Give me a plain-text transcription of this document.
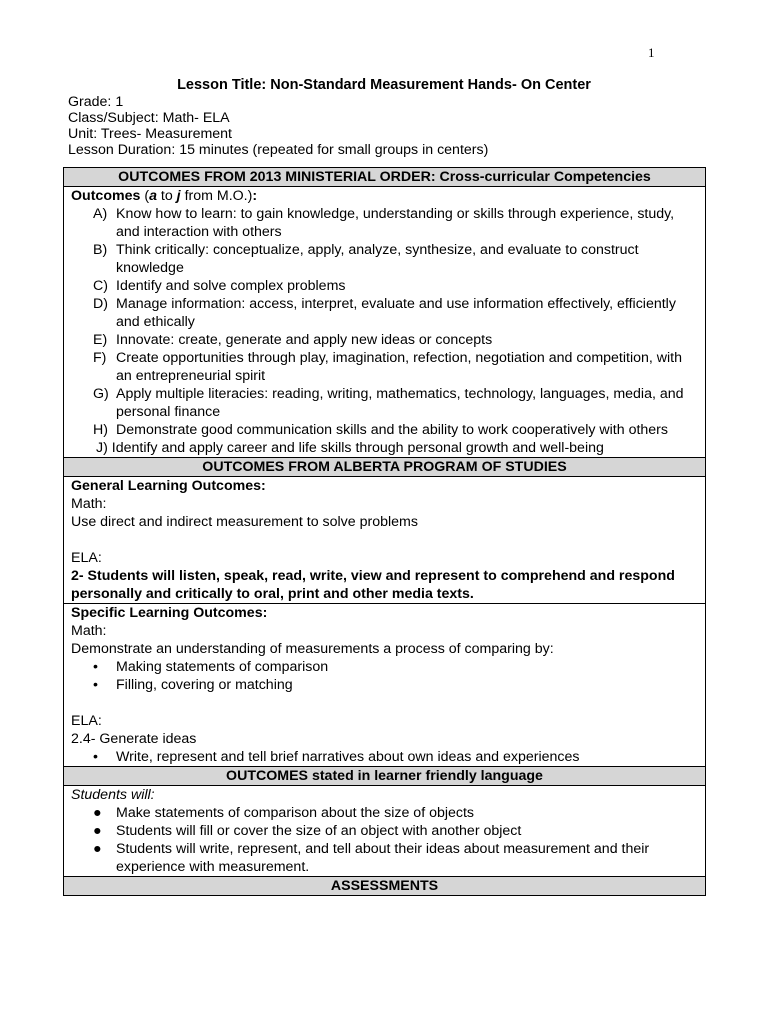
1
Lesson Title: Non-Standard Measurement Hands- On Center
Grade: 1
Class/Subject: Math- ELA
Unit: Trees- Measurement
Lesson Duration: 15 minutes (repeated for small groups in centers)
OUTCOMES FROM 2013 MINISTERIAL ORDER: Cross-curricular Competencies
Outcomes (a to j from M.O.):
A) Know how to learn: to gain knowledge, understanding or skills through experience, study, and interaction with others
B) Think critically: conceptualize, apply, analyze, synthesize, and evaluate to construct knowledge
C) Identify and solve complex problems
D) Manage information: access, interpret, evaluate and use information effectively, efficiently and ethically
E) Innovate: create, generate and apply new ideas or concepts
F) Create opportunities through play, imagination, refection, negotiation and competition, with an entrepreneurial spirit
G) Apply multiple literacies: reading, writing, mathematics, technology, languages, media, and personal finance
H) Demonstrate good communication skills and the ability to work cooperatively with others
J) Identify and apply career and life skills through personal growth and well-being
OUTCOMES FROM ALBERTA PROGRAM OF STUDIES
General Learning Outcomes:
Math:
Use direct and indirect measurement to solve problems
ELA:
2- Students will listen, speak, read, write, view and represent to comprehend and respond personally and critically to oral, print and other media texts.
Specific Learning Outcomes:
Math:
Demonstrate an understanding of measurements a process of comparing by:
• Making statements of comparison
• Filling, covering or matching
ELA:
2.4- Generate ideas
• Write, represent and tell brief narratives about own ideas and experiences
OUTCOMES stated in learner friendly language
Students will:
● Make statements of comparison about the size of objects
● Students will fill or cover the size of an object with another object
● Students will write, represent, and tell about their ideas about measurement and their experience with measurement.
ASSESSMENTS
